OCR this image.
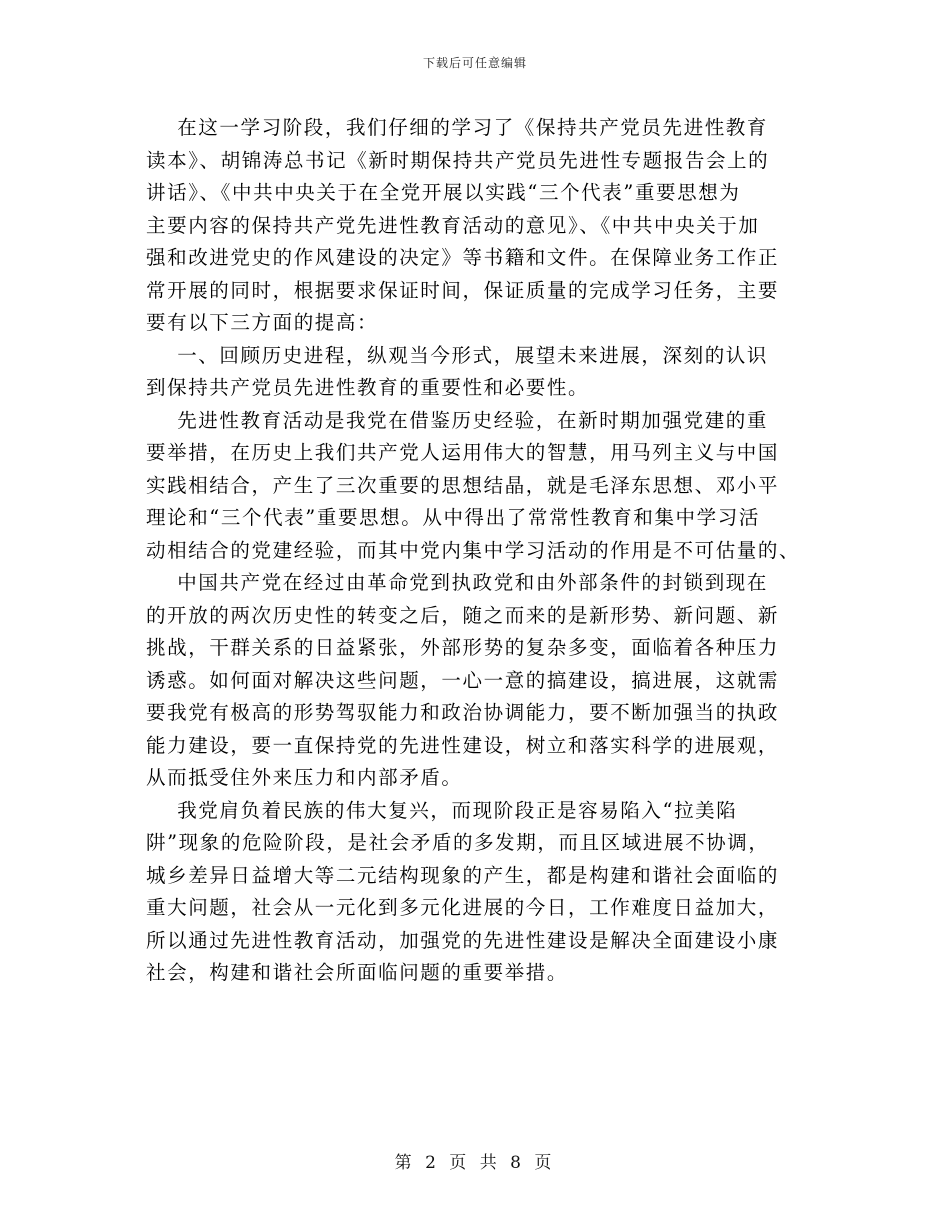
下载后可任意编辑
在这一学习阶段，我们仔细的学习了《保持共产党员先进性教育
读本》、胡锦涛总书记《新时期保持共产党员先进性专题报告会上的
讲话》、《中共中央关于在全党开展以实践“三个代表”重要思想为
主要内容的保持共产党先进性教育活动的意见》、《中共中央关于加
强和改进党史的作风建设的决定》等书籍和文件。在保障业务工作正
常开展的同时，根据要求保证时间，保证质量的完成学习任务，主要
要有以下三方面的提高：
一、回顾历史进程，纵观当今形式，展望未来进展，深刻的认识
到保持共产党员先进性教育的重要性和必要性。
先进性教育活动是我党在借鉴历史经验，在新时期加强党建的重
要举措，在历史上我们共产党人运用伟大的智慧，用马列主义与中国
实践相结合，产生了三次重要的思想结晶，就是毛泽东思想、邓小平
理论和“三个代表”重要思想。从中得出了常常性教育和集中学习活
动相结合的党建经验，而其中党内集中学习活动的作用是不可估量的、
中国共产党在经过由革命党到执政党和由外部条件的封锁到现在
的开放的两次历史性的转变之后，随之而来的是新形势、新问题、新
挑战，干群关系的日益紧张，外部形势的复杂多变，面临着各种压力
诱惑。如何面对解决这些问题，一心一意的搞建设，搞进展，这就需
要我党有极高的形势驾驭能力和政治协调能力，要不断加强当的执政
能力建设，要一直保持党的先进性建设，树立和落实科学的进展观，
从而抵受住外来压力和内部矛盾。
我党肩负着民族的伟大复兴，而现阶段正是容易陷入“拉美陷
阱”现象的危险阶段，是社会矛盾的多发期，而且区域进展不协调，
城乡差异日益增大等二元结构现象的产生，都是构建和谐社会面临的
重大问题，社会从一元化到多元化进展的今日，工作难度日益加大，
所以通过先进性教育活动，加强党的先进性建设是解决全面建设小康
社会，构建和谐社会所面临问题的重要举措。
第 2 页 共 8 页
